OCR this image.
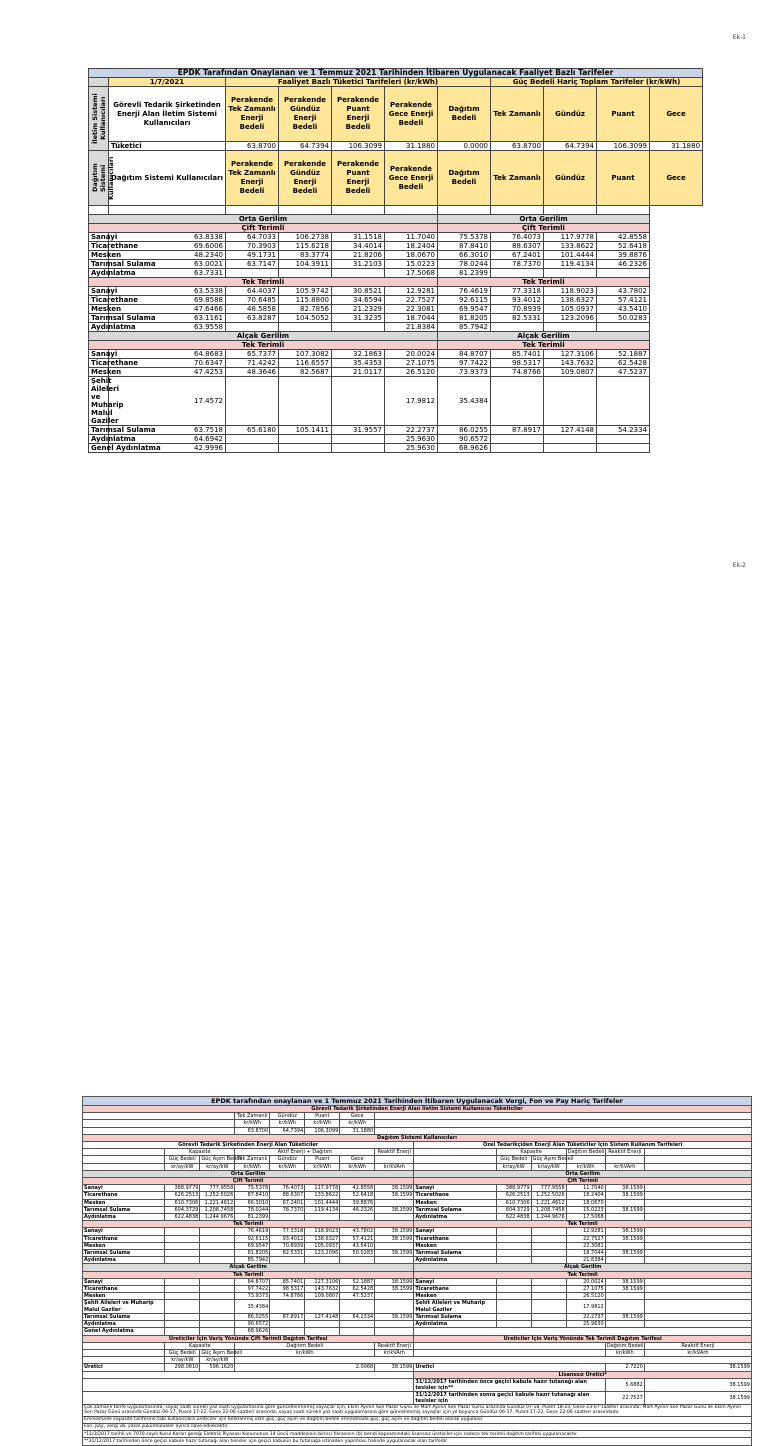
Ek-1
EPDK Tarafından Onaylanan ve 1 Temmuz 2021 Tarihinden İtibaren Uygulanacak Faaliyet Bazlı Tarifeler										
	1/7/2021	Faaliyet Bazlı Tüketici Tarifeleri (kr/kWh)					Güç Bedeli Hariç Toplam Tarifeler (kr/kWh)			

İletim Sistemi Kullanıcıları	Görevli Tedarik Şirketinden Enerji Alan İletim Sistemi Kullanıcıları	Perakende Tek Zamanlı Enerji Bedeli	Perakende Gündüz Enerji Bedeli	Perakende Puant Enerji Bedeli	Perakende Gece Enerji Bedeli	Dağıtım Bedeli	Tek Zamanlı	Gündüz	Puant	Gece
	Tüketici	63.8700	64.7394	106.3099	31.1880	0.0000	63.8700	64.7394	106.3099	31.1880

Dağıtım Sistemi Kullanıcıları	Dağıtım Sistemi Kullanıcıları	Perakende Tek Zamanlı Enerji Bedeli	Perakende Gündüz Enerji Bedeli	Perakende Puant Enerji Bedeli	Perakende Gece Enerji Bedeli	Dağıtım Bedeli	Tek Zamanlı	Gündüz	Puant	Gece

Orta Gerilim						Orta Gerilim				
Çift Terimli						Çift Terimli				
Sanayi	63.8338	64.7033	106.2738	31.1518	11.7040	75.5378	76.4073	117.9778	42.8558	
Ticarethane	69.6006	70.3903	115.6218	34.4014	18.2404	87.8410	88.6307	133.8622	52.6418	
Mesken	48.2340	49.1731	83.3774	21.8206	18.0670	66.3010	67.2401	101.4444	39.8876	
Tarımsal Sulama	63.0021	63.7147	104.3911	31.2103	15.0223	78.0244	78.7370	119.4134	46.2326	
Aydınlatma	63.7331				17.5068	81.2399				
Tek Terimli						Tek Terimli				
Sanayi	63.5338	64.4037	105.9742	30.8521	12.9281	76.4619	77.3318	118.9023	43.7802	
Ticarethane	69.8588	70.6485	115.8800	34.6594	22.7527	92.6115	93.4012	138.6327	57.4121	
Mesken	47.6466	48.5858	82.7856	21.2329	22.3081	69.9547	70.8939	105.0937	43.5410	
Tarımsal Sulama	63.1161	63.8287	104.5052	31.3235	18.7044	81.8205	82.5331	123.2096	50.0283	
Aydınlatma	63.9558				21.8384	85.7942				
Alçak Gerilim						Alçak Gerilim				
Tek Terimli						Tek Terimli				
Sanayi	64.8683	65.7377	107.3082	32.1863	20.0024	84.8707	85.7401	127.3106	52.1887	
Ticarethane	70.6347	71.4242	116.6557	35.4353	27.1075	97.7422	98.5317	143.7632	62.5428	
Mesken	47.4253	48.3646	82.5687	21.0117	26.5120	73.9373	74.8766	109.0807	47.5237	
Şehit Aileleri ve Muharip Malul Gaziler	17.4572				17.9812	35.4384				
Tarımsal Sulama	63.7518	65.6180	105.1411	31.9557	22.2737	86.0255	87.8917	127.4148	54.2334	
Aydınlatma	64.6942				25.9630	90.6572				
Genel Aydınlatma	42.9996				25.9630	68.9626				
Ek-2
EPDK tarafından onaylanan ve 1 Temmuz 2021 Tarihinden İtibaren Uygulanacak Vergi, Fon ve Pay Hariç Tarifeler													
Görevli Tedarik Şirketinden Enerji Alan İletim Sistemi Kullanıcısı Tüketiciler													
			Tek Zamanlı	Gündüz	Puant	Gece							
			kr/kWh	kr/kWh	kr/kWh	kr/kWh							
			63.8700	64.7394	106.3099	31.1880							
Dağıtım Sistemi Kullanıcıları													
Görevli Tedarik Şirketinden Enerji Alan Tüketiciler								Özel Tedarikçiden Enerji Alan Tüketiciler İçin Sistem Kullanım Tarifeleri					
	Kapasite		Aktif Enerji + Dağıtım				Reaktif Enerji		Kapasite		Dağıtım Bedeli	Reaktif Enerji	
	Güç Bedeli	Güç Aşım Bedeli	Tek Zamanlı	Gündüz	Puant	Gece			Güç Bedeli	Güç Aşım Bedeli			
	kr/ay/kW	kr/ay/kW	kr/kWh	kr/kWh	kr/kWh	kr/kWh	kr/kVArh		kr/ay/kW	kr/ay/kW	kr/kWh	kr/kVArh	
Orta Gerilim								Orta Gerilim					
Çift Terimli								Çift Terimli					
Sanayi	388.9779	777.9558	75.5378	76.4073	117.9778	42.8558	38.1599	Sanayi	388.9779	777.9558	11.7040	38.1599	
Ticarethane	626.2513	1,252.5026	87.8410	88.6307	133.8622	52.6418	38.1599	Ticarethane	626.2513	1,252.5026	18.2404	38.1599	
Mesken	610.7306	1,221.4612	66.3010	67.2401	101.4444	39.8876		Mesken	610.7306	1,221.4612	18.0670		
Tarımsal Sulama	604.3729	1,208.7458	78.0244	78.7370	119.4134	46.2326	38.1599	Tarımsal Sulama	604.3729	1,208.7458	15.0223	38.1599	
Aydınlatma	622.4838	1,244.9676	81.2399					Aydınlatma	622.4838	1,244.9676	17.5068		
Tek Terimli								Tek Terimli					
Sanayi			76.4619	77.3318	118.9023	43.7802	38.1599	Sanayi			12.9281	38.1599	
Ticarethane			92.6115	93.4012	138.6327	57.4121	38.1599	Ticarethane			22.7527	38.1599	
Mesken			69.9547	70.8939	105.0937	43.5410		Mesken			22.3081		
Tarımsal Sulama			81.8205	82.5331	123.2096	50.0283	38.1599	Tarımsal Sulama			18.7044	38.1599	
Aydınlatma			85.7942					Aydınlatma			21.8384		
Alçak Gerilim								Alçak Gerilim					
Tek Terimli								Tek Terimli					
Sanayi			84.8707	85.7401	127.3106	52.1887	38.1599	Sanayi			20.0024	38.1599	
Ticarethane			97.7422	98.5317	143.7632	62.5428	38.1599	Ticarethane			27.1075	38.1599	
Mesken			73.9373	74.8766	109.0807	47.5237		Mesken			26.5120		
Şehit Aileleri ve Muharip Malul Gaziler			35.4384					Şehit Aileleri ve Muharip Malul Gaziler			17.9812		
Tarımsal Sulama			86.0255	87.8917	127.4148	54.2334	38.1599	Tarımsal Sulama			22.2737	38.1599	
Aydınlatma			90.6572					Aydınlatma			25.9630		
Genel Aydınlatma			68.9626										
Üreticiler İçin Veriş Yönünde Çift Terimli Dağıtım Tarifesi								Üreticiler İçin Veriş Yönünde Tek Terimli Dağıtım Tarifesi					
	Kapasite		Dağıtım Bedeli				Reaktif Enerji					Dağıtım Bedeli	Reaktif Enerji
	Güç Bedeli	Güç Aşım Bedeli	kr/kWh				kr/kVArh					kr/kWh	kr/kVArh
	kr/ay/kW	kr/ay/kW											
Üretici	298.0810	596.1620	2.0068				38.1599	Üretici				2.7220	38.1599
								Lisanssız Üretici*					
								31/12/2017 tarihinden önce geçici kabule hazır tutanağı alan tesisler için**				5.6882	38.1599
								31/12/2017 tarihinden sonra geçici kabule hazır tutanağı alan tesisler için				22.7527	38.1599
Çok zamanlı tarife uygulamasında; sayaç saati sürekli yaz saati uygulamasına göre güncellenmemiş sayaçlar için, Ekim Ayının Son Pazar Günü ile Mart Ayının Son Pazar Günü arasında Gündüz 07-18, Puant 18-23, Gece 23-07 saatleri arasında; Mart Ayının Son Pazar Günü ile Ekim Ayının Son Pazar Günü arasında Gündüz 06-17, Puant 17-22, Gece 22-06 saatleri arasında; sayaç saati sürekli yaz saati uygulamasına göre güncellenmiş sayaçlar için yıl boyunca Gündüz 06-17, Puant 17-22, Gece 22-06 saatleri arasındadır.													
Emreamade kapasite tarifesine tabi kullanıcılara üreticiler için belirlenmiş olan güç, güç aşım ve dağıtım bedeli emreamade güç, güç aşım ve dağıtım bedeli olarak uygulanır.													
Fon, pay, vergi vb. yasal yükümlülükler ayrıca ilave edilecektir.													
*11/3/2017 tarihli ve 7070 sayılı Kurul Kararı gereği Elektrik Piyasası Kanununun 14 üncü maddesinin birinci fıkrasının (b) bendi kapsamındaki lisanssız üreticiler için sadece tek terimli dağıtım tarifesi uygulanacaktır.													
**31/12/2017 tarihinden önce geçici kabule hazır tutanağı alan tesisler için geçici kabulün bu tutanağa istinaden yapılması halinde uygulanacak olan tarifedir.													
